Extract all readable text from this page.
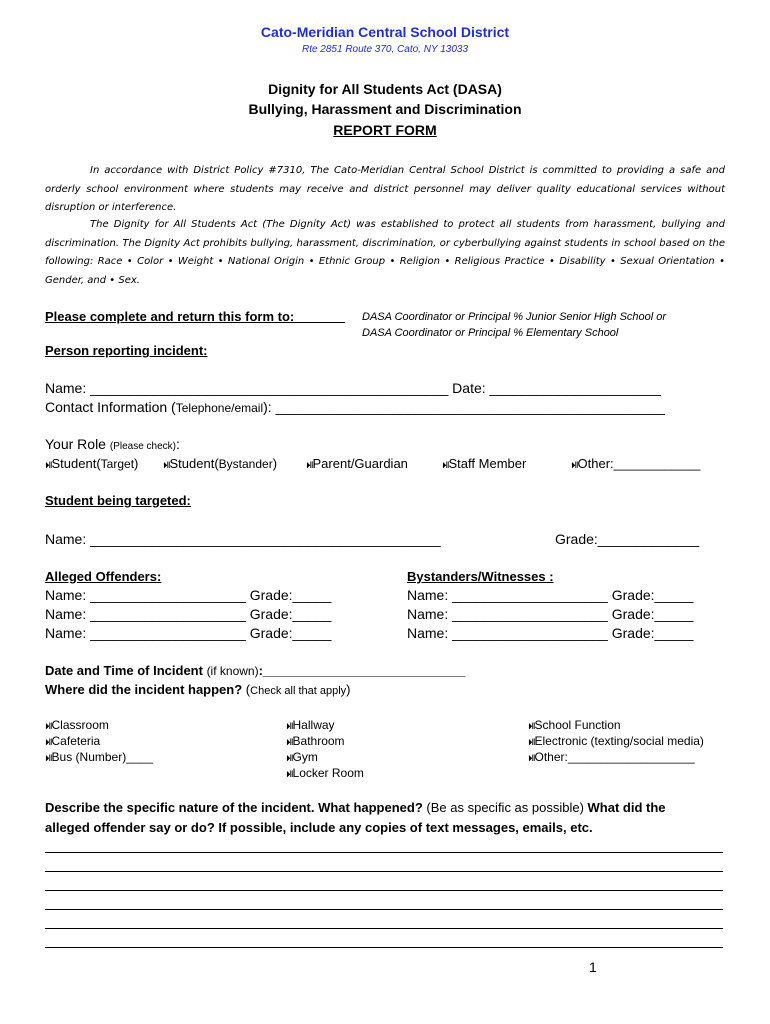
Cato-Meridian Central School District
Rte 2851 Route 370, Cato, NY 13033
Dignity for All Students Act (DASA)
Bullying, Harassment and Discrimination
REPORT FORM
In accordance with District Policy #7310, The Cato-Meridian Central School District is committed to providing a safe and orderly school environment where students may receive and district personnel may deliver quality educational services without disruption or interference.
The Dignity for All Students Act (The Dignity Act) was established to protect all students from harassment, bullying and discrimination. The Dignity Act prohibits bullying, harassment, discrimination, or cyberbullying against students in school based on the following: Race • Color • Weight • National Origin • Ethnic Group • Religion • Religious Practice • Disability • Sexual Orientation • Gender, and • Sex.
Please complete and return this form to:_______ DASA Coordinator or Principal % Junior Senior High School or
DASA Coordinator or Principal % Elementary School
Person reporting incident:
Name: ______________________________________________ Date: ______________________
Contact Information (Telephone/email): __________________________________________________
Your Role (Please check):
⏵IIStudent(Target)	⏵IIStudent(Bystander)	⏵IIParent/Guardian	⏵IIStaff Member	⏵IIOther:____________
Student being targeted:
Name: _____________________________________________	Grade:_____________
Alleged Offenders:
Name: ____________________ Grade:_____
Name: ____________________ Grade:_____
Name: ____________________ Grade:_____
Bystanders/Witnesses :
Name: ____________________ Grade:_____
Name: ____________________ Grade:_____
Name: ____________________ Grade:_____
Date and Time of Incident (if known):____________________________
Where did the incident happen? (Check all that apply)
⏵IIClassroom
⏵IICafeteria
⏵IIBus (Number)____
⏵IIHallway
⏵IIBathroom
⏵IIGym
⏵IILocker Room
⏵IISchool Function
⏵IIElectronic (texting/social media)
⏵IIOther:___________________
Describe the specific nature of the incident. What happened? (Be as specific as possible) What did the
alleged offender say or do? If possible, include any copies of text messages, emails, etc.
1
